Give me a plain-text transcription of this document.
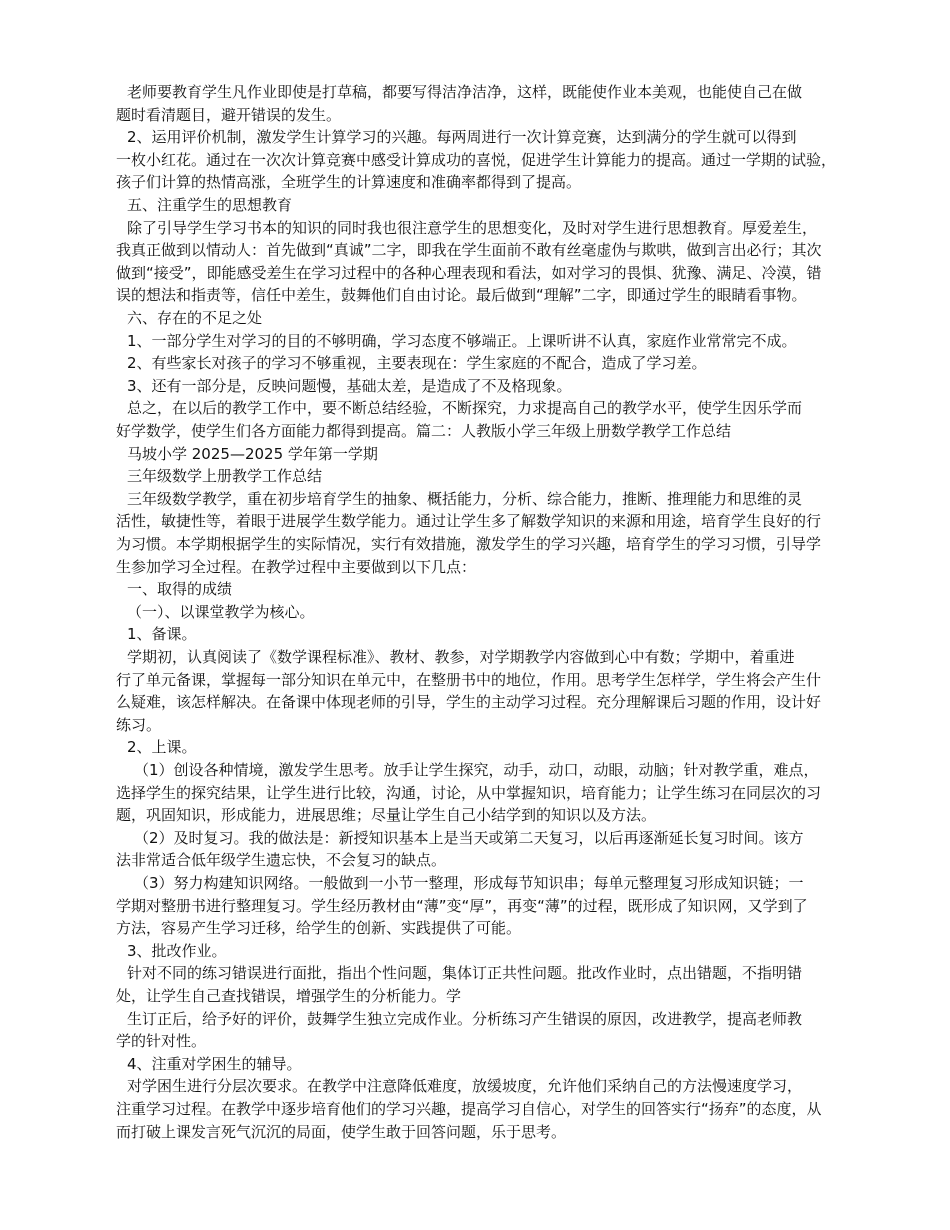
老师要教育学生凡作业即使是打草稿，都要写得洁净洁净，这样，既能使作业本美观，也能使自己在做
题时看清题目，避开错误的发生。
2、运用评价机制，激发学生计算学习的兴趣。每两周进行一次计算竞赛，达到满分的学生就可以得到
一枚小红花。通过在一次次计算竞赛中感受计算成功的喜悦，促进学生计算能力的提高。通过一学期的试验，
孩子们计算的热情高涨，全班学生的计算速度和准确率都得到了提高。
五、注重学生的思想教育
除了引导学生学习书本的知识的同时我也很注意学生的思想变化，及时对学生进行思想教育。厚爱差生，
我真正做到以情动人：首先做到“真诚”二字，即我在学生面前不敢有丝毫虚伪与欺哄，做到言出必行；其次
做到“接受”，即能感受差生在学习过程中的各种心理表现和看法，如对学习的畏惧、犹豫、满足、冷漠，错
误的想法和指责等，信任中差生，鼓舞他们自由讨论。最后做到“理解”二字，即通过学生的眼睛看事物。
六、存在的不足之处
1、一部分学生对学习的目的不够明确，学习态度不够端正。上课听讲不认真，家庭作业常常完不成。
2、有些家长对孩子的学习不够重视，主要表现在：学生家庭的不配合，造成了学习差。
3、还有一部分是，反映问题慢，基础太差，是造成了不及格现象。
总之，在以后的教学工作中，要不断总结经验，不断探究，力求提高自己的教学水平，使学生因乐学而
好学数学，使学生们各方面能力都得到提高。篇二：人教版小学三年级上册数学教学工作总结
马坡小学 2025—2025 学年第一学期
三年级数学上册教学工作总结
三年级数学教学，重在初步培育学生的抽象、概括能力，分析、综合能力，推断、推理能力和思维的灵
活性，敏捷性等，着眼于进展学生数学能力。通过让学生多了解数学知识的来源和用途，培育学生良好的行
为习惯。本学期根据学生的实际情况，实行有效措施，激发学生的学习兴趣，培育学生的学习习惯，引导学
生参加学习全过程。在教学过程中主要做到以下几点：
一、取得的成绩
（一）、以课堂教学为核心。
1、备课。
学期初，认真阅读了《数学课程标准》、教材、教参，对学期教学内容做到心中有数；学期中，着重进
行了单元备课，掌握每一部分知识在单元中，在整册书中的地位，作用。思考学生怎样学，学生将会产生什
么疑难，该怎样解决。在备课中体现老师的引导，学生的主动学习过程。充分理解课后习题的作用，设计好
练习。
2、上课。
（1）创设各种情境，激发学生思考。放手让学生探究，动手，动口，动眼，动脑；针对教学重，难点，
选择学生的探究结果，让学生进行比较，沟通，讨论，从中掌握知识，培育能力；让学生练习在同层次的习
题，巩固知识，形成能力，进展思维；尽量让学生自己小结学到的知识以及方法。
（2）及时复习。我的做法是：新授知识基本上是当天或第二天复习，以后再逐渐延长复习时间。该方
法非常适合低年级学生遗忘快，不会复习的缺点。
（3）努力构建知识网络。一般做到一小节一整理，形成每节知识串；每单元整理复习形成知识链；一
学期对整册书进行整理复习。学生经历教材由“薄”变“厚”，再变“薄”的过程，既形成了知识网，又学到了
方法，容易产生学习迁移，给学生的创新、实践提供了可能。
3、批改作业。
针对不同的练习错误进行面批，指出个性问题，集体订正共性问题。批改作业时，点出错题，不指明错
处，让学生自己查找错误，增强学生的分析能力。学
生订正后，给予好的评价，鼓舞学生独立完成作业。分析练习产生错误的原因，改进教学，提高老师教
学的针对性。
4、注重对学困生的辅导。
对学困生进行分层次要求。在教学中注意降低难度，放缓坡度，允许他们采纳自己的方法慢速度学习，
注重学习过程。在教学中逐步培育他们的学习兴趣，提高学习自信心，对学生的回答实行“扬弃”的态度，从
而打破上课发言死气沉沉的局面，使学生敢于回答问题，乐于思考。
